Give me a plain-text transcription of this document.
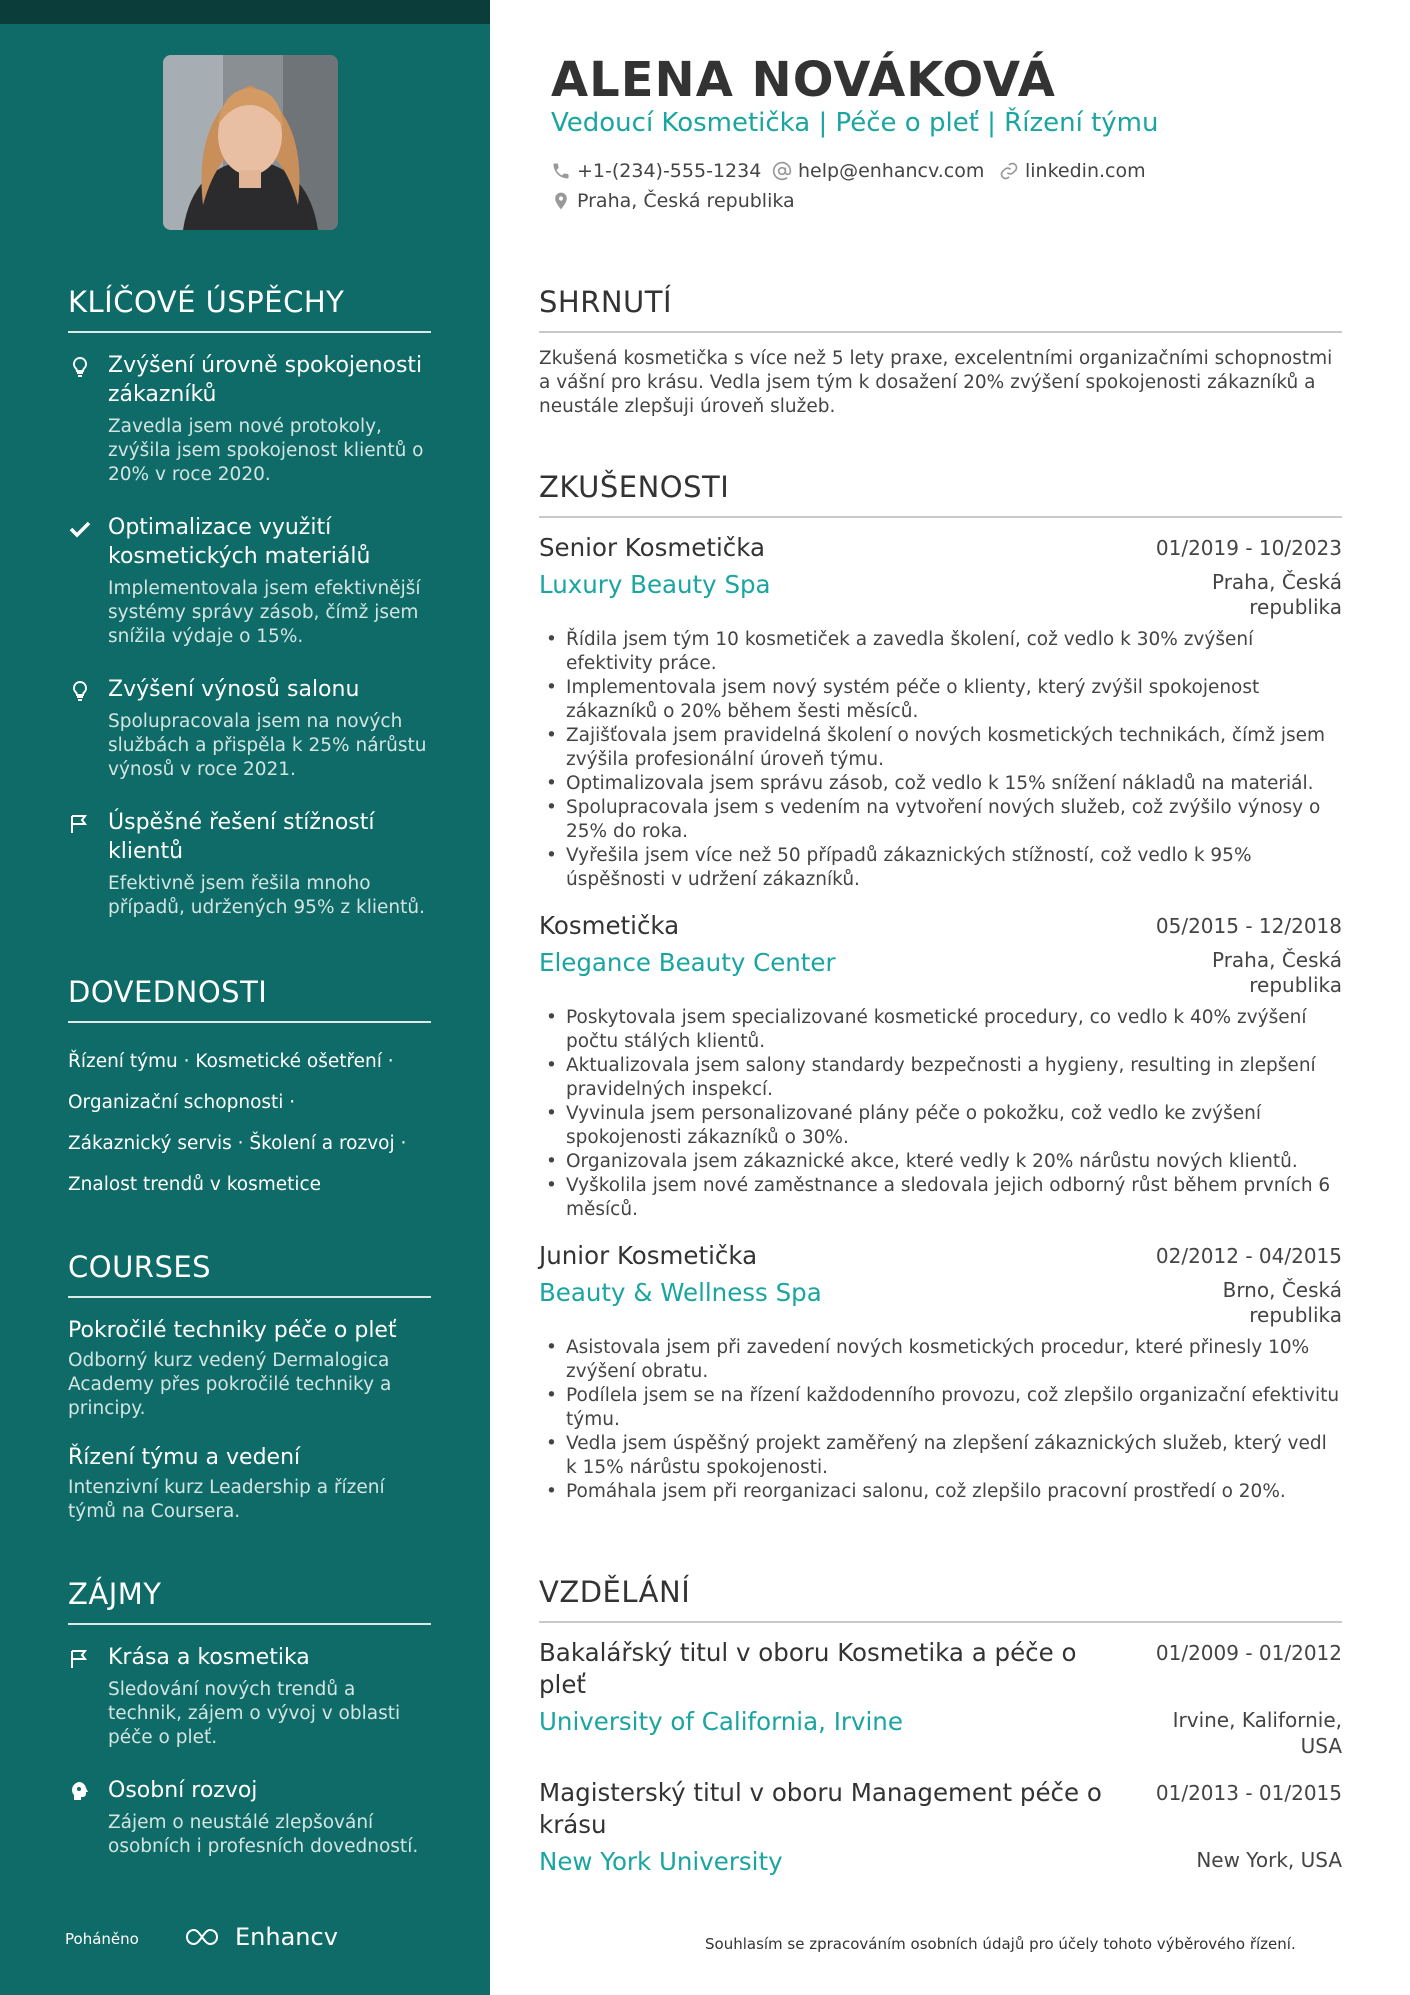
KLÍČOVÉ ÚSPĚCHY
Zvýšení úrovně spokojenosti zákazníků
Zavedla jsem nové protokoly, zvýšila jsem spokojenost klientů o 20% v roce 2020.
Optimalizace využití kosmetických materiálů
Implementovala jsem efektivnější systémy správy zásob, čímž jsem snížila výdaje o 15%.
Zvýšení výnosů salonu
Spolupracovala jsem na nových službách a přispěla k 25% nárůstu výnosů v roce 2021.
Úspěšné řešení stížností klientů
Efektivně jsem řešila mnoho případů, udržených 95% z klientů.
DOVEDNOSTI
Řízení týmu · Kosmetické ošetření ·
Organizační schopnosti ·
Zákaznický servis · Školení a rozvoj ·
Znalost trendů v kosmetice
COURSES
Pokročilé techniky péče o pleť
Odborný kurz vedený Dermalogica Academy přes pokročilé techniky a principy.
Řízení týmu a vedení
Intenzivní kurz Leadership a řízení týmů na Coursera.
ZÁJMY
Krása a kosmetika
Sledování nových trendů a technik, zájem o vývoj v oblasti péče o pleť.
Osobní rozvoj
Zájem o neustálé zlepšování osobních i profesních dovedností.
Poháněno	Enhancv
ALENA NOVÁKOVÁ
Vedoucí Kosmetička | Péče o pleť | Řízení týmu
+1-(234)-555-1234 help@enhancv.com linkedin.com
Praha, Česká republika
SHRNUTÍ
Zkušená kosmetička s více než 5 lety praxe, excelentními organizačními schopnostmi a vášní pro krásu. Vedla jsem tým k dosažení 20% zvýšení spokojenosti zákazníků a neustále zlepšuji úroveň služeb.
ZKUŠENOSTI
Senior Kosmetička	01/2019 - 10/2023
Luxury Beauty Spa	Praha, Česká republika
• Řídila jsem tým 10 kosmetiček a zavedla školení, což vedlo k 30% zvýšení efektivity práce.
• Implementovala jsem nový systém péče o klienty, který zvýšil spokojenost zákazníků o 20% během šesti měsíců.
• Zajišťovala jsem pravidelná školení o nových kosmetických technikách, čímž jsem zvýšila profesionální úroveň týmu.
• Optimalizovala jsem správu zásob, což vedlo k 15% snížení nákladů na materiál.
• Spolupracovala jsem s vedením na vytvoření nových služeb, což zvýšilo výnosy o 25% do roka.
• Vyřešila jsem více než 50 případů zákaznických stížností, což vedlo k 95% úspěšnosti v udržení zákazníků.
Kosmetička	05/2015 - 12/2018
Elegance Beauty Center	Praha, Česká republika
• Poskytovala jsem specializované kosmetické procedury, co vedlo k 40% zvýšení počtu stálých klientů.
• Aktualizovala jsem salony standardy bezpečnosti a hygieny, resulting in zlepšení pravidelných inspekcí.
• Vyvinula jsem personalizované plány péče o pokožku, což vedlo ke zvýšení spokojenosti zákazníků o 30%.
• Organizovala jsem zákaznické akce, které vedly k 20% nárůstu nových klientů.
• Vyškolila jsem nové zaměstnance a sledovala jejich odborný růst během prvních 6 měsíců.
Junior Kosmetička	02/2012 - 04/2015
Beauty & Wellness Spa	Brno, Česká republika
• Asistovala jsem při zavedení nových kosmetických procedur, které přinesly 10% zvýšení obratu.
• Podílela jsem se na řízení každodenního provozu, což zlepšilo organizační efektivitu týmu.
• Vedla jsem úspěšný projekt zaměřený na zlepšení zákaznických služeb, který vedl k 15% nárůstu spokojenosti.
• Pomáhala jsem při reorganizaci salonu, což zlepšilo pracovní prostředí o 20%.
VZDĚLÁNÍ
Bakalářský titul v oboru Kosmetika a péče o pleť
01/2009 - 01/2012
University of California, Irvine	Irvine, Kalifornie, USA
Magisterský titul v oboru Management péče o krásu
01/2013 - 01/2015
New York University	New York, USA
Souhlasím se zpracováním osobních údajů pro účely tohoto výběrového řízení.
